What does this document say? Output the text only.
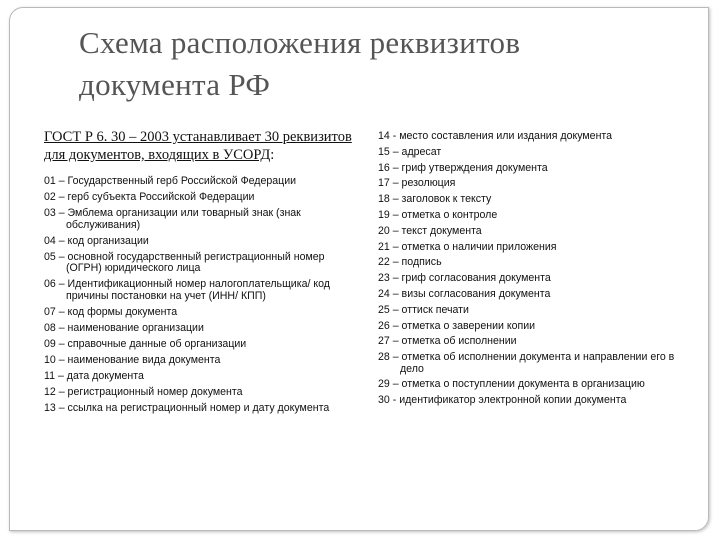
Схема расположения реквизитов
документа РФ

ГОСТ Р 6. 30 – 2003 устанавливает 30 реквизитов для документов, входящих в УСОРД:

01 – Государственный герб Российской Федерации
02 – герб субъекта Российской Федерации
03 – Эмблема организации или товарный знак (знак обслуживания)
04 – код организации
05 – основной государственный регистрационный номер (ОГРН) юридического лица
06 – Идентификационный номер налогоплательщика/ код причины постановки на учет (ИНН/ КПП)
07 – код формы документа
08 – наименование организации
09 – справочные данные об организации
10 – наименование вида документа
11 – дата документа
12 – регистрационный номер документа
13 – ссылка на регистрационный номер и дату документа
14 - место составления или издания документа
15 – адресат
16 – гриф утверждения документа
17 – резолюция
18 – заголовок к тексту
19 – отметка о контроле
20 – текст документа
21 – отметка о наличии приложения
22 – подпись
23 – гриф согласования документа
24 – визы согласования документа
25 – оттиск печати
26 – отметка о заверении копии
27 – отметка об исполнении
28 – отметка об исполнении документа и направлении его в дело
29 – отметка о поступлении документа в организацию
30 - идентификатор электронной копии документа
